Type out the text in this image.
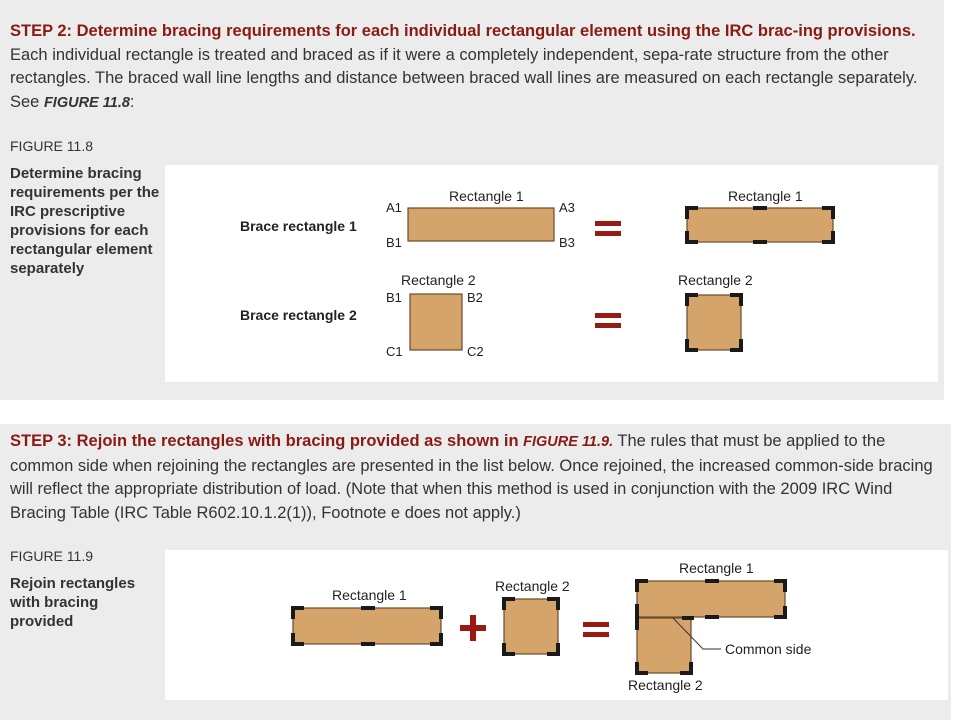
STEP 2: Determine bracing requirements for each individual rectangular element using the IRC brac-ing provisions. Each individual rectangle is treated and braced as if it were a completely independent, sepa-rate structure from the other rectangles. The braced wall line lengths and distance between braced wall lines are measured on each rectangle separately. See FIGURE 11.8:

FIGURE 11.8

Determine bracing requirements per the IRC prescriptive provisions for each rectangular element separately

Brace rectangle 1
Rectangle 1
A1	A3
B1	B3
Rectangle 1
Brace rectangle 2
Rectangle 2
B1	B2
C1	C2
Rectangle 2

STEP 3: Rejoin the rectangles with bracing provided as shown in FIGURE 11.9. The rules that must be applied to the common side when rejoining the rectangles are presented in the list below. Once rejoined, the increased common-side bracing will reflect the appropriate distribution of load. (Note that when this method is used in conjunction with the 2009 IRC Wind Bracing Table (IRC Table R602.10.1.2(1)), Footnote e does not apply.)

FIGURE 11.9

Rejoin rectangles with bracing provided

Rectangle 1
Rectangle 2
Rectangle 1
Common side
Rectangle 2
